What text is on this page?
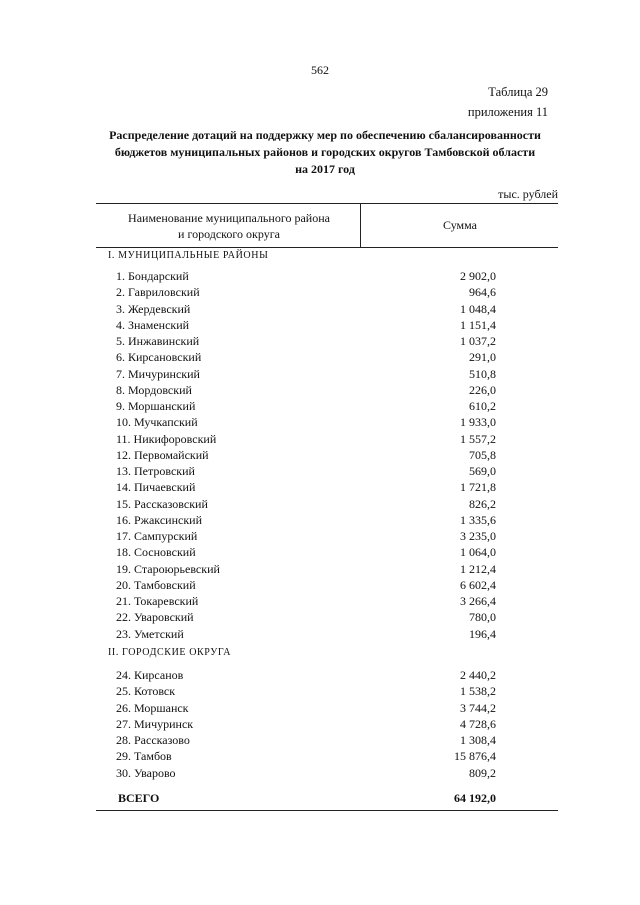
562
Таблица 29
приложения 11
Распределение дотаций на поддержку мер по обеспечению сбалансированности
бюджетов муниципальных районов и городских округов Тамбовской области
на 2017 год
тыс. рублей
Наименование муниципального района
и городского округа
Сумма
I. МУНИЦИПАЛЬНЫЕ РАЙОНЫ
1. Бондарский	2 902,0
2. Гавриловский	964,6
3. Жердевский	1 048,4
4. Знаменский	1 151,4
5. Инжавинский	1 037,2
6. Кирсановский	291,0
7. Мичуринский	510,8
8. Мордовский	226,0
9. Моршанский	610,2
10. Мучкапский	1 933,0
11. Никифоровский	1 557,2
12. Первомайский	705,8
13. Петровский	569,0
14. Пичаевский	1 721,8
15. Рассказовский	826,2
16. Ржаксинский	1 335,6
17. Сампурский	3 235,0
18. Сосновский	1 064,0
19. Староюрьевский	1 212,4
20. Тамбовский	6 602,4
21. Токаревский	3 266,4
22. Уваровский	780,0
23. Уметский	196,4
II. ГОРОДСКИЕ ОКРУГА
24. Кирсанов	2 440,2
25. Котовск	1 538,2
26. Моршанск	3 744,2
27. Мичуринск	4 728,6
28. Рассказово	1 308,4
29. Тамбов	15 876,4
30. Уварово	809,2
ВСЕГО	64 192,0
